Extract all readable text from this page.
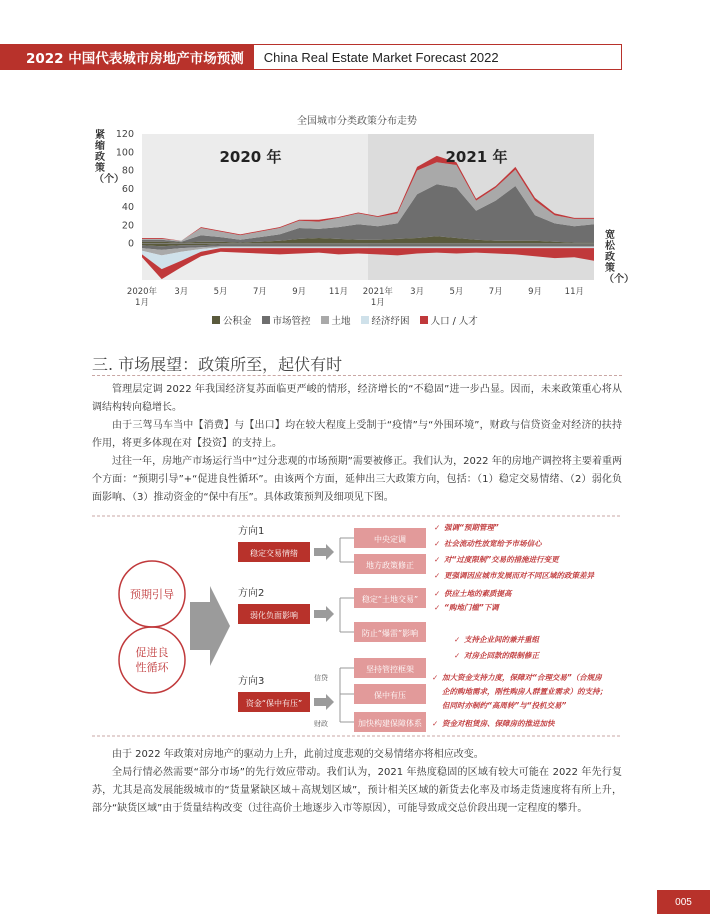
2022 中国代表城市房地产市场预测	China Real Estate Market Forecast 2022
全国城市分类政策分布走势
紧缩政策（个）
宽松政策（个）
120
100
80
60
40
20
0
2020年
1月
3月	5月	7月	9月	11月 2021年
1月
3月	5月	7月	9月	11月
2020 年	2021 年
公积金 市场管控 土地 经济纾困 人口 / 人才
三. 市场展望：政策所至，起伏有时

管理层定调 2022 年我国经济复苏面临更严峻的情形，经济增长的“不稳固”进一步凸显。因而，未来政策重心将从调结构转向稳增长。

由于三驾马车当中【消费】与【出口】均在较大程度上受制于“疫情”与“外围环境”，财政与信贷资金对经济的扶持作用，将更多体现在对【投资】的支持上。

过往一年，房地产市场运行当中“过分悲观的市场预期”需要被修正。我们认为，2022 年的房地产调控将主要着重两个方面：“预期引导”+“促进良性循环”。由该两个方面，延伸出三大政策方向，包括：（1）稳定交易情绪、（2）弱化负面影响、（3）推动资金的“保中有压”。具体政策预判及细项见下图。

预期引导
促进良性循环
方向1
稳定交易情绪
中央定调
地方政策修正
方向2
弱化负面影响
稳定“土地交易”
防止“爆雷”影响
方向3
资金“保中有压”
信贷
财政
坚持管控框架
保中有压
加快构建保障体系
✓ 强调“预期管理”
✓ 社会流动性放宽给予市场信心
✓ 对“过度限制”交易的措施进行变更
✓ 更强调因应城市发展而对不同区域的政策差异
✓ 供应土地的素质提高
✓ “购地门槛”下调
✓ 支持企业间的兼并重组
✓ 对房企回款的限制修正
✓ 加大资金支持力度，保障对“合理交易”（合规房
企的购地需求，刚性购房人群置业需求）的支持；
但同时亦制约“高周转”与“投机交易”
✓ 资金对租赁房、保障房的推进加快

由于 2022 年政策对房地产的驱动力上升，此前过度悲观的交易情绪亦将相应改变。

全局行情必然需要“部分市场”的先行效应带动。我们认为，2021 年热度稳固的区域有较大可能在 2022 年先行复苏，尤其是高发展能级城市的“货量紧缺区域＋高规划区域”，预计相关区域的新货去化率及市场走货速度将有所上升，部分“缺货区域”由于货量结构改变（过往高价土地逐步入市等原因），可能导致成交总价段出现一定程度的攀升。

005
